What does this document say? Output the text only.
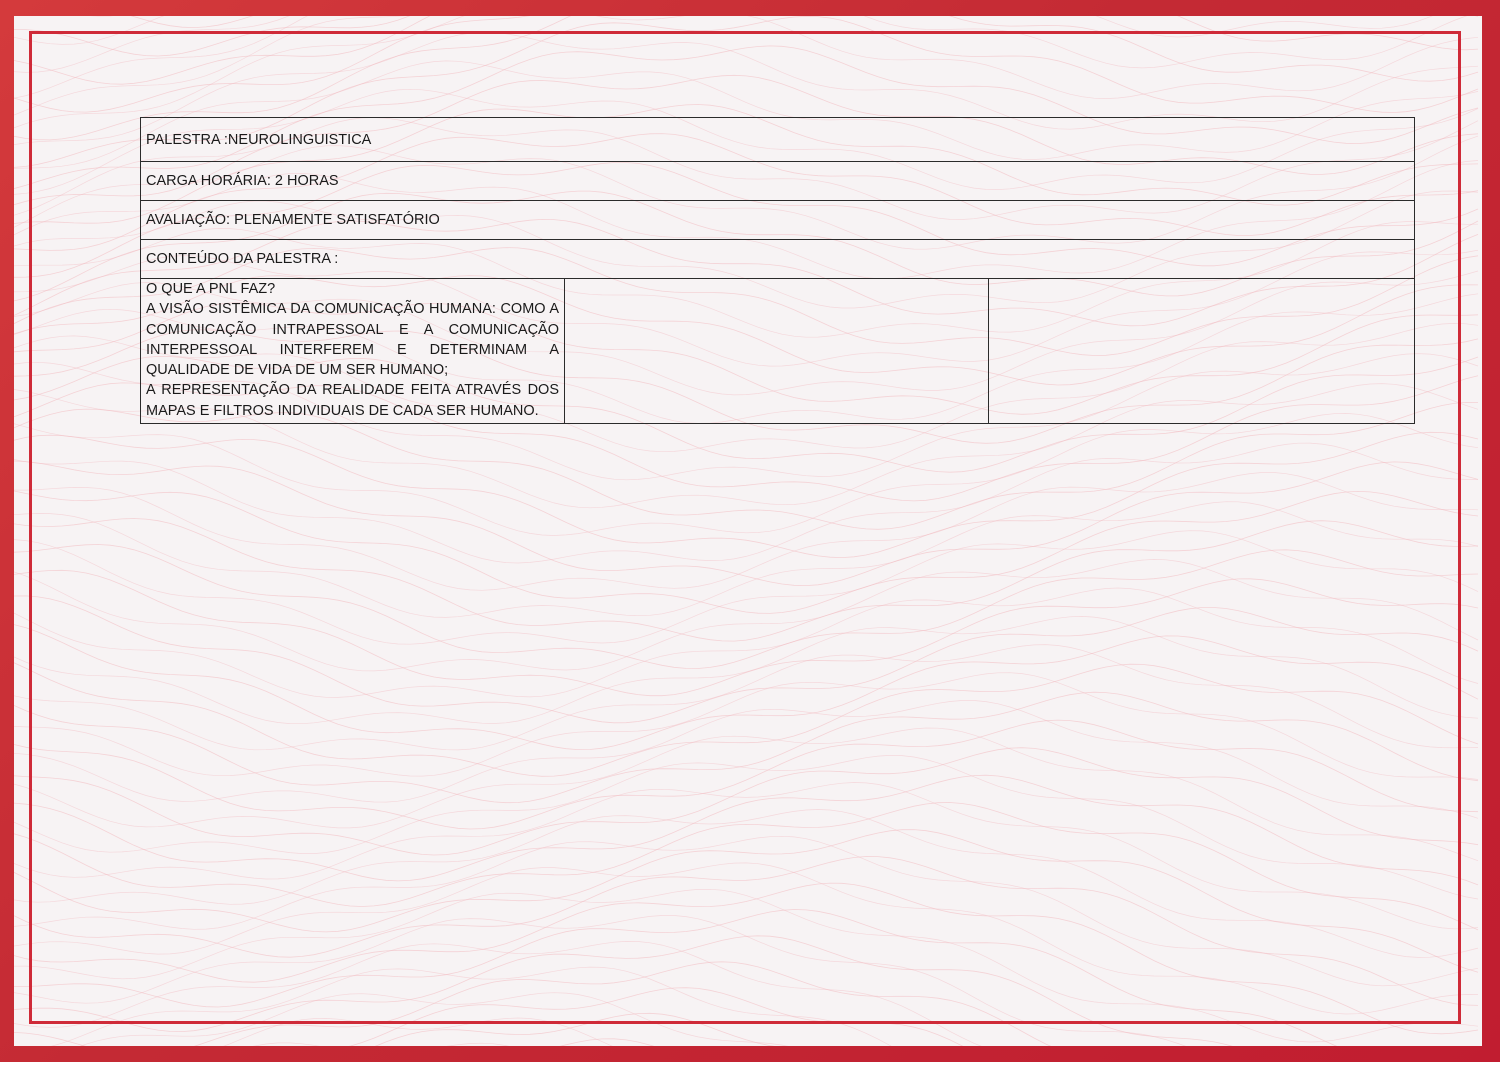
PALESTRA :NEUROLINGUISTICA
CARGA HORÁRIA: 2 HORAS
AVALIAÇÃO: PLENAMENTE SATISFATÓRIO
CONTEÚDO DA PALESTRA :
O QUE A PNL FAZ?
A VISÃO SISTÊMICA DA COMUNICAÇÃO HUMANA: COMO A COMUNICAÇÃO INTRAPESSOAL E A COMUNICAÇÃO INTERPESSOAL INTERFEREM E DETERMINAM A QUALIDADE DE VIDA DE UM SER HUMANO;
A REPRESENTAÇÃO DA REALIDADE FEITA ATRAVÉS DOS MAPAS E FILTROS INDIVIDUAIS DE CADA SER HUMANO.		
